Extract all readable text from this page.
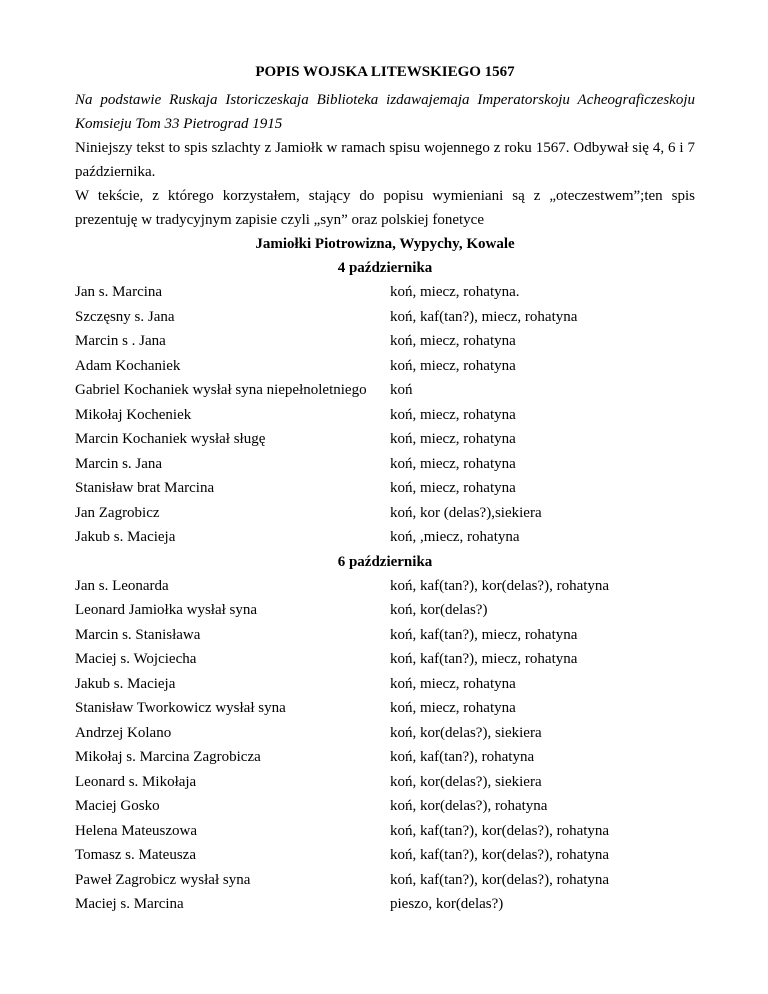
POPIS WOJSKA LITEWSKIEGO 1567

Na podstawie Ruskaja Istoriczeskaja Biblioteka izdawajemaja Imperatorskoju Acheograficzeskoju Komsieju Tom 33 Pietrograd 1915

Niniejszy tekst to spis szlachty z Jamiołk w ramach spisu wojennego z roku 1567. Odbywał się 4, 6 i 7 października.

W tekście, z którego korzystałem, stający do popisu wymieniani są z „oteczestwem”;ten spis prezentuję w tradycyjnym zapisie czyli „syn” oraz polskiej fonetyce

Jamiołki Piotrowizna, Wypychy, Kowale

4 października

Jan s. Marcina	koń, miecz, rohatyna.
Szczęsny s. Jana	koń, kaf(tan?), miecz, rohatyna
Marcin s . Jana	koń, miecz, rohatyna
Adam Kochaniek	koń, miecz, rohatyna
Gabriel Kochaniek wysłał syna niepełnoletniego	koń
Mikołaj Kocheniek	koń, miecz, rohatyna
Marcin Kochaniek wysłał sługę	koń, miecz, rohatyna
Marcin s. Jana	koń, miecz, rohatyna
Stanisław brat Marcina	koń, miecz, rohatyna
Jan Zagrobicz	koń, kor (delas?),siekiera
Jakub s. Macieja	koń, ,miecz, rohatyna

6 października

Jan s. Leonarda	koń, kaf(tan?), kor(delas?), rohatyna
Leonard Jamiołka wysłał syna	koń, kor(delas?)
Marcin s. Stanisława	koń, kaf(tan?), miecz, rohatyna
Maciej s. Wojciecha	koń, kaf(tan?), miecz, rohatyna
Jakub s. Macieja	koń, miecz, rohatyna
Stanisław Tworkowicz wysłał syna	koń, miecz, rohatyna
Andrzej Kolano	koń, kor(delas?), siekiera
Mikołaj s. Marcina Zagrobicza	koń, kaf(tan?), rohatyna
Leonard s. Mikołaja	koń, kor(delas?), siekiera
Maciej Gosko	koń, kor(delas?), rohatyna
Helena Mateuszowa	koń, kaf(tan?), kor(delas?), rohatyna
Tomasz s. Mateusza	koń, kaf(tan?), kor(delas?), rohatyna
Paweł Zagrobicz wysłał syna	koń, kaf(tan?), kor(delas?), rohatyna
Maciej s. Marcina	pieszo, kor(delas?)
